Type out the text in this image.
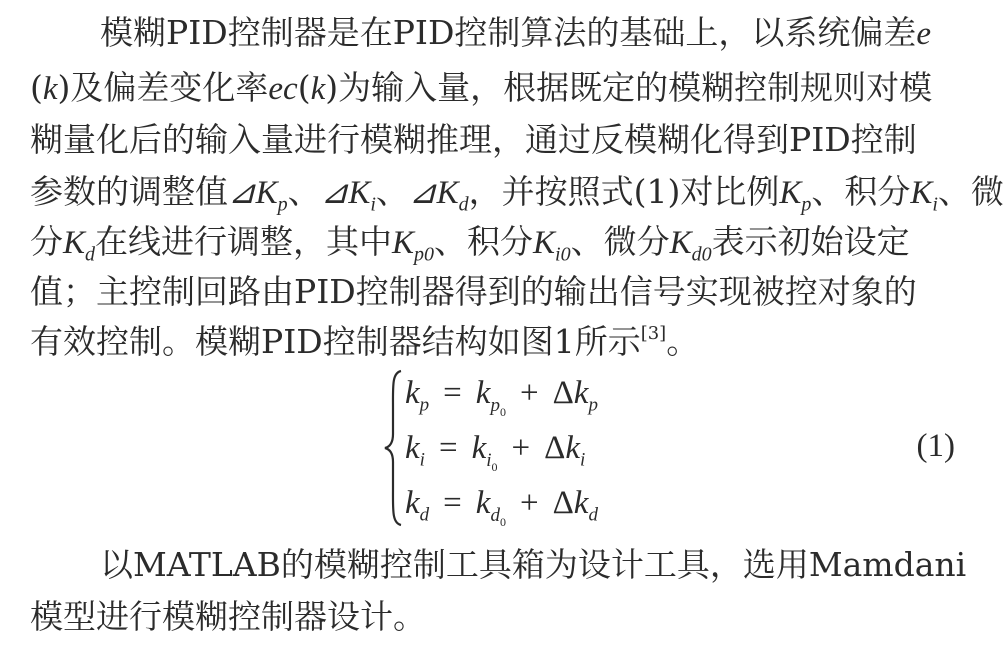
模糊PID控制器是在PID控制算法的基础上，以系统偏差e
(k)及偏差变化率ec(k)为输入量，根据既定的模糊控制规则对模
糊量化后的输入量进行模糊推理，通过反模糊化得到PID控制
参数的调整值$⊿K_p$、$⊿K_i$、$⊿K_d$，并按照式(1)对比例$K_p$、积分$K_i$、微
分$K_d$在线进行调整，其中$K_{p0}$、积分$K_{i0}$、微分$K_{d0}$表示初始设定
值；主控制回路由PID控制器得到的输出信号实现被控对象的
有效控制。模糊PID控制器结构如图1所示[3]。
$k_p = k_{p_0}+ \Delta k_p$
$k_i = k_{i_0}+ \Delta k_i$
$k_d = k_{d_0}+ \Delta k_d$
(1)
以MATLAB的模糊控制工具箱为设计工具，选用Mamdani
模型进行模糊控制器设计。
